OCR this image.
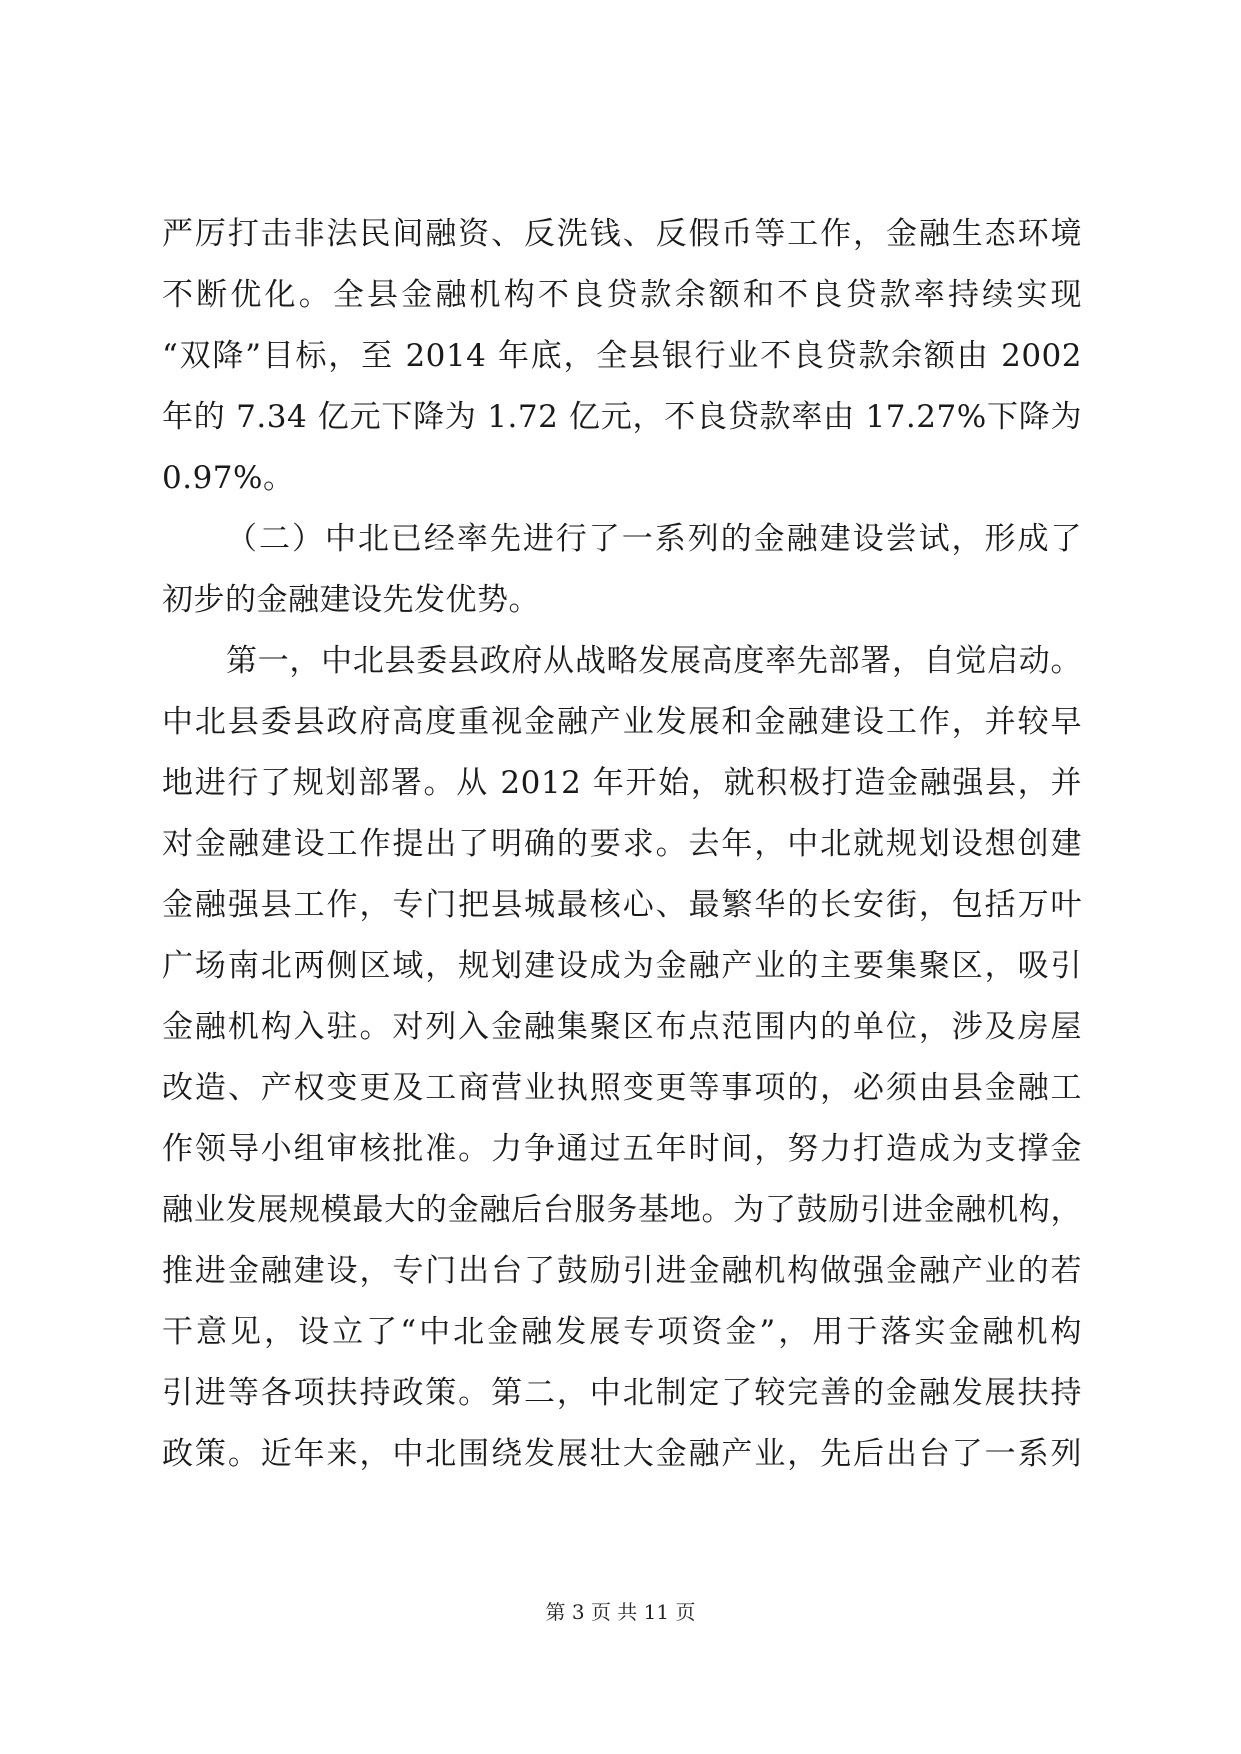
严厉打击非法民间融资、反洗钱、反假币等工作，金融生态环境
不断优化。全县金融机构不良贷款余额和不良贷款率持续实现
“双降”目标，至 2014 年底，全县银行业不良贷款余额由 2002
年的 7.34 亿元下降为 1.72 亿元，不良贷款率由 17.27%下降为
0.97%。
（二）中北已经率先进行了一系列的金融建设尝试，形成了
初步的金融建设先发优势。
第一，中北县委县政府从战略发展高度率先部署，自觉启动。
中北县委县政府高度重视金融产业发展和金融建设工作，并较早
地进行了规划部署。从 2012 年开始，就积极打造金融强县，并
对金融建设工作提出了明确的要求。去年，中北就规划设想创建
金融强县工作，专门把县城最核心、最繁华的长安街，包括万叶
广场南北两侧区域，规划建设成为金融产业的主要集聚区，吸引
金融机构入驻。对列入金融集聚区布点范围内的单位，涉及房屋
改造、产权变更及工商营业执照变更等事项的，必须由县金融工
作领导小组审核批准。力争通过五年时间，努力打造成为支撑金
融业发展规模最大的金融后台服务基地。为了鼓励引进金融机构，
推进金融建设，专门出台了鼓励引进金融机构做强金融产业的若
干意见，设立了“中北金融发展专项资金”，用于落实金融机构
引进等各项扶持政策。第二，中北制定了较完善的金融发展扶持
政策。近年来，中北围绕发展壮大金融产业，先后出台了一系列
第 3 页 共 11 页
